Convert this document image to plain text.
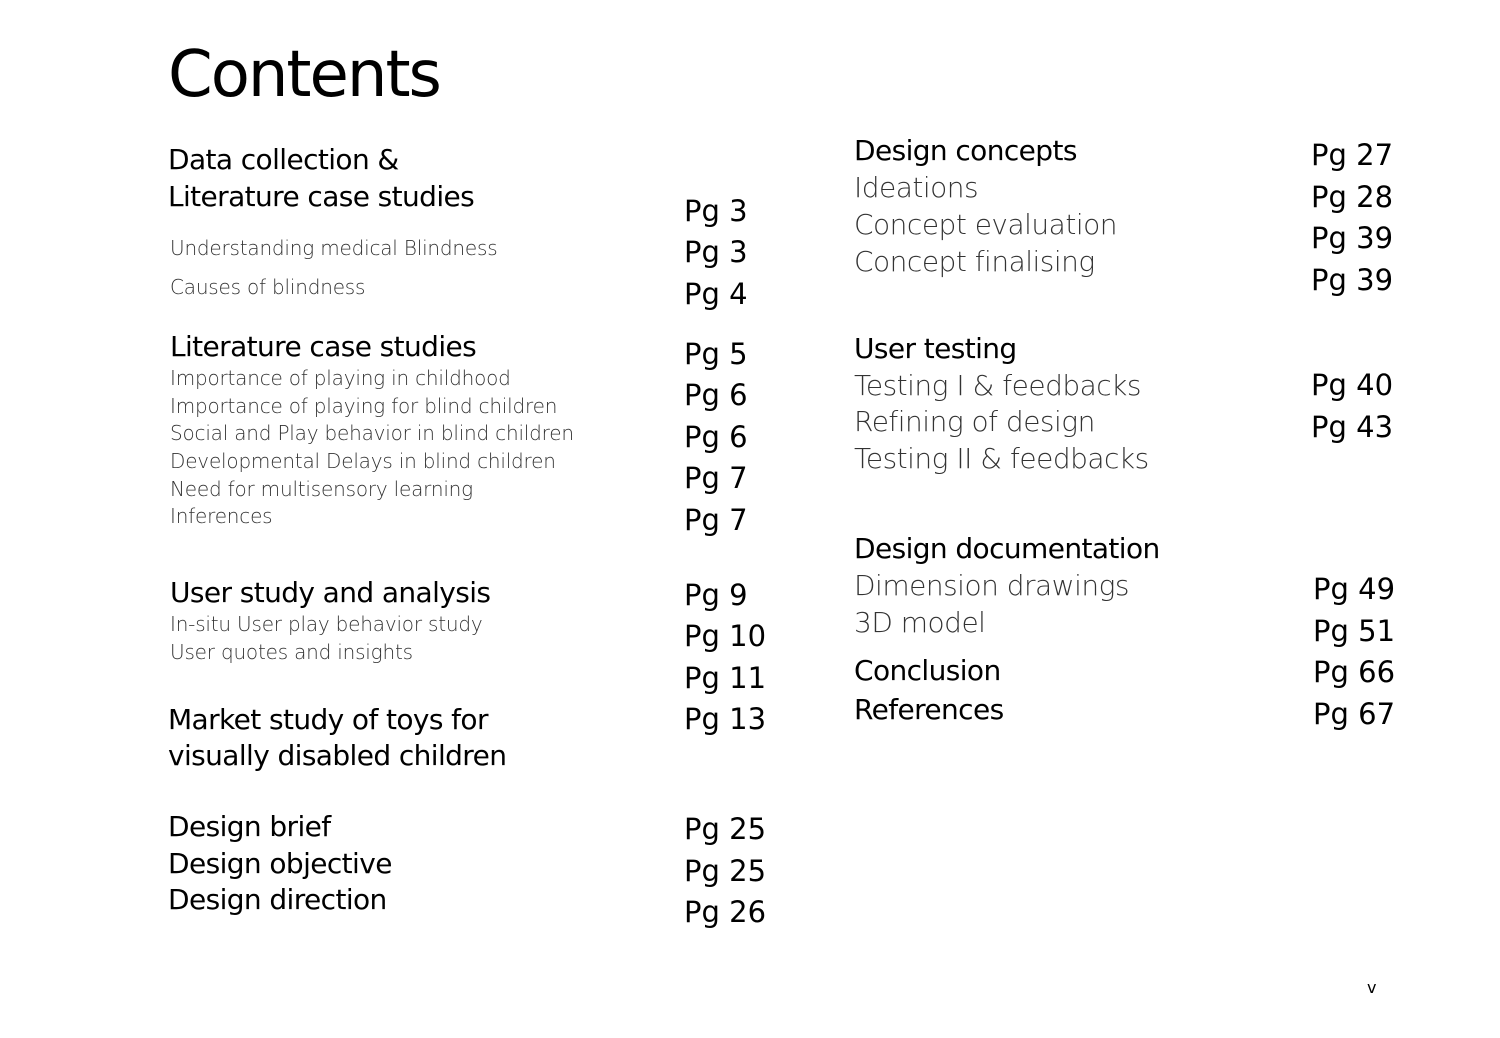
Contents
Data collection &
Literature case studies
Understanding medical Blindness
Causes of blindness
Literature case studies
Importance of playing in childhood
Importance of playing for blind children
Social and Play behavior in blind children
Developmental Delays in blind children
Need for multisensory learning
Inferences
User study and analysis
In-situ User play behavior study
User quotes and insights
Market study of toys for
visually disabled children
Design brief
Design objective
Design direction
Pg 3
Pg 3
Pg 4
Pg 5
Pg 6
Pg 6
Pg 7
Pg 7
Pg 9
Pg 10
Pg 11
Pg 13
Pg 25
Pg 25
Pg 26
Design concepts
Ideations
Concept evaluation
Concept finalising
User testing
Testing I & feedbacks
Refining of design
Testing II & feedbacks
Design documentation
Dimension drawings
3D model
Conclusion
References
Pg 27
Pg 28
Pg 39
Pg 39
Pg 40
Pg 43
Pg 49
Pg 51
Pg 66
Pg 67
v
